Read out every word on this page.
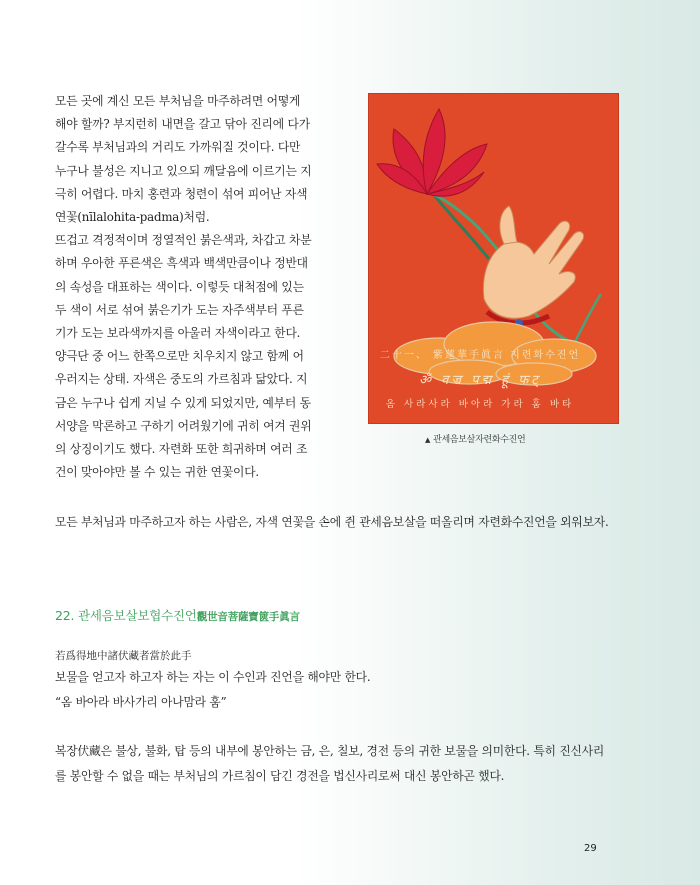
모든 곳에 계신 모든 부처님을 마주하려면 어떻게
해야 할까? 부지런히 내면을 갈고 닦아 진리에 다가
갈수록 부처님과의 거리도 가까워질 것이다. 다만
누구나 불성은 지니고 있으되 깨달음에 이르기는 지
극히 어렵다. 마치 홍련과 청련이 섞여 피어난 자색
연꽃(nīlalohita-padma)처럼.
뜨겁고 격정적이며 정열적인 붉은색과, 차갑고 차분
하며 우아한 푸른색은 흑색과 백색만큼이나 정반대
의 속성을 대표하는 색이다. 이렇듯 대척점에 있는
두 색이 서로 섞여 붉은기가 도는 자주색부터 푸른
기가 도는 보라색까지를 아울러 자색이라고 한다.
양극단 중 어느 한쪽으로만 치우치지 않고 함께 어
우러지는 상태. 자색은 중도의 가르침과 닮았다. 지
금은 누구나 쉽게 지닐 수 있게 되었지만, 예부터 동
서양을 막론하고 구하기 어려웠기에 귀히 여겨 권위
의 상징이기도 했다. 자련화 또한 희귀하며 여러 조
건이 맞아야만 볼 수 있는 귀한 연꽃이다.
二十一、 紫蓮華手眞言 지련화수진언
ॐ वज्र पद्म हूं फट्
옴 사라사라 바아라 가라 훔 바타

▲ 관세음보살자련화수진언

모든 부처님과 마주하고자 하는 사람은, 자색 연꽃을 손에 쥔 관세음보살을 떠올리며 자련화수진언을 외워보자.

22. 관세음보살보협수진언觀世音菩薩寶篋手眞言

若爲得地中諸伏藏者當於此手

보물을 얻고자 하고자 하는 자는 이 수인과 진언을 해야만 한다.

“옴 바아라 바사가리 아나맘라 훔”

복장伏藏은 불상, 불화, 탑 등의 내부에 봉안하는 금, 은, 칠보, 경전 등의 귀한 보물을 의미한다. 특히 진신사리를 봉안할 수 없을 때는 부처님의 가르침이 담긴 경전을 법신사리로써 대신 봉안하곤 했다.

29
